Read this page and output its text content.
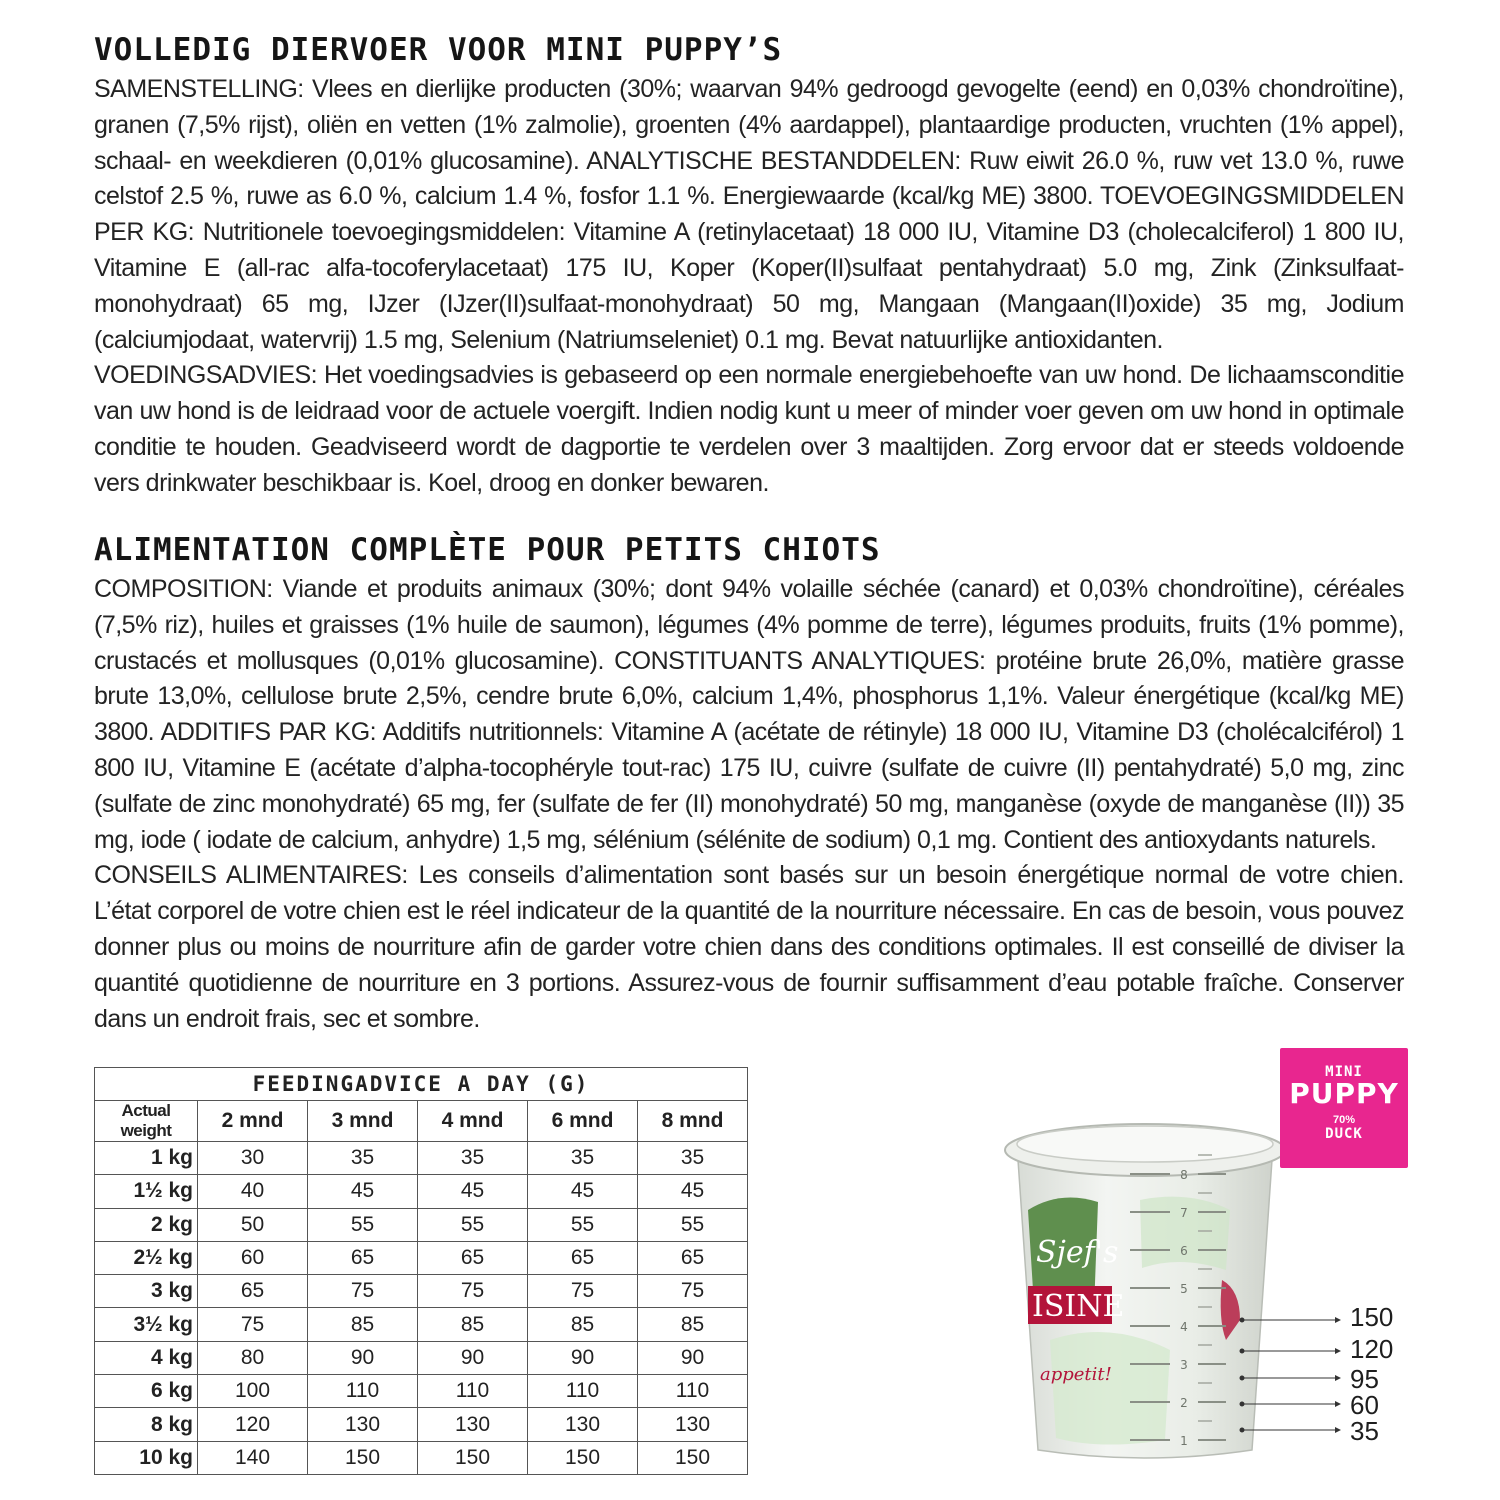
VOLLEDIG DIERVOER VOOR MINI PUPPY’S

SAMENSTELLING: Vlees en dierlijke producten (30%; waarvan 94% gedroogd gevogelte (eend) en 0,03% chondroïtine), granen (7,5% rijst), oliën en vetten (1% zalmolie), groenten (4% aardappel), plantaardige producten, vruchten (1% appel), schaal- en weekdieren (0,01% glucosamine). ANALYTISCHE BESTANDDELEN: Ruw eiwit 26.0 %, ruw vet 13.0 %, ruwe celstof 2.5 %, ruwe as 6.0 %, calcium 1.4 %, fosfor 1.1 %. Energiewaarde (kcal/kg ME) 3800. TOEVOEGINGSMIDDELEN PER KG: Nutritionele toevoegingsmiddelen: Vitamine A (retinylacetaat) 18 000 IU, Vitamine D3 (cholecalciferol) 1 800 IU, Vitamine E (all-rac alfa-tocoferylacetaat) 175 IU, Koper (Koper(II)sulfaat pentahydraat) 5.0 mg, Zink (Zinksulfaat-monohydraat) 65 mg, IJzer (IJzer(II)sulfaat-monohydraat) 50 mg, Mangaan (Mangaan(II)oxide) 35 mg, Jodium (calciumjodaat, watervrij) 1.5 mg, Selenium (Natriumseleniet) 0.1 mg. Bevat natuurlijke antioxidanten.

VOEDINGSADVIES: Het voedingsadvies is gebaseerd op een normale energiebehoefte van uw hond. De lichaamsconditie van uw hond is de leidraad voor de actuele voergift. Indien nodig kunt u meer of minder voer geven om uw hond in optimale conditie te houden. Geadviseerd wordt de dagportie te verdelen over 3 maaltijden. Zorg ervoor dat er steeds voldoende vers drinkwater beschikbaar is. Koel, droog en donker bewaren.

ALIMENTATION COMPLÈTE POUR PETITS CHIOTS

COMPOSITION: Viande et produits animaux (30%; dont 94% volaille séchée (canard) et 0,03% chondroïtine), céréales (7,5% riz), huiles et graisses (1% huile de saumon), légumes (4% pomme de terre), légumes produits, fruits (1% pomme), crustacés et mollusques (0,01% glucosamine). CONSTITUANTS ANALYTIQUES: protéine brute 26,0%, matière grasse brute 13,0%, cellulose brute 2,5%, cendre brute 6,0%, calcium 1,4%, phosphorus 1,1%. Valeur énergétique (kcal/kg ME) 3800. ADDITIFS PAR KG: Additifs nutritionnels: Vitamine A (acétate de rétinyle) 18 000 IU, Vitamine D3 (cholécalciférol) 1 800 IU, Vitamine E (acétate d’alpha-tocophéryle tout-rac) 175 IU, cuivre (sulfate de cuivre (II) pentahydraté) 5,0 mg, zinc (sulfate de zinc monohydraté) 65 mg, fer (sulfate de fer (II) monohydraté) 50 mg, manganèse (oxyde de manganèse (II)) 35 mg, iode ( iodate de calcium, anhydre) 1,5 mg, sélénium (sélénite de sodium) 0,1 mg. Contient des antioxydants naturels.

CONSEILS ALIMENTAIRES: Les conseils d’alimentation sont basés sur un besoin énergétique normal de votre chien. L’état corporel de votre chien est le réel indicateur de la quantité de la nourriture nécessaire. En cas de besoin, vous pouvez donner plus ou moins de nourriture afin de garder votre chien dans des conditions optimales. Il est conseillé de diviser la quantité quotidienne de nourriture en 3 portions. Assurez-vous de fournir suffisamment d’eau potable fraîche. Conserver dans un endroit frais, sec et sombre.

FEEDINGADVICE A DAY (G)					
Actual weight	2 mnd	3 mnd	4 mnd	6 mnd	8 mnd
1 kg	30	35	35	35	35
1½ kg	40	45	45	45	45
2 kg	50	55	55	55	55
2½ kg	60	65	65	65	65
3 kg	65	75	75	75	75
3½ kg	75	85	85	85	85
4 kg	80	90	90	90	90
6 kg	100	110	110	110	110
8 kg	120	130	130	130	130
10 kg	140	150	150	150	150
Sjef's
ISINE
appetit!
1
2
3
4
5
6
7
8
MINI
PUPPY
70%
DUCK
150
120
95
60
35
